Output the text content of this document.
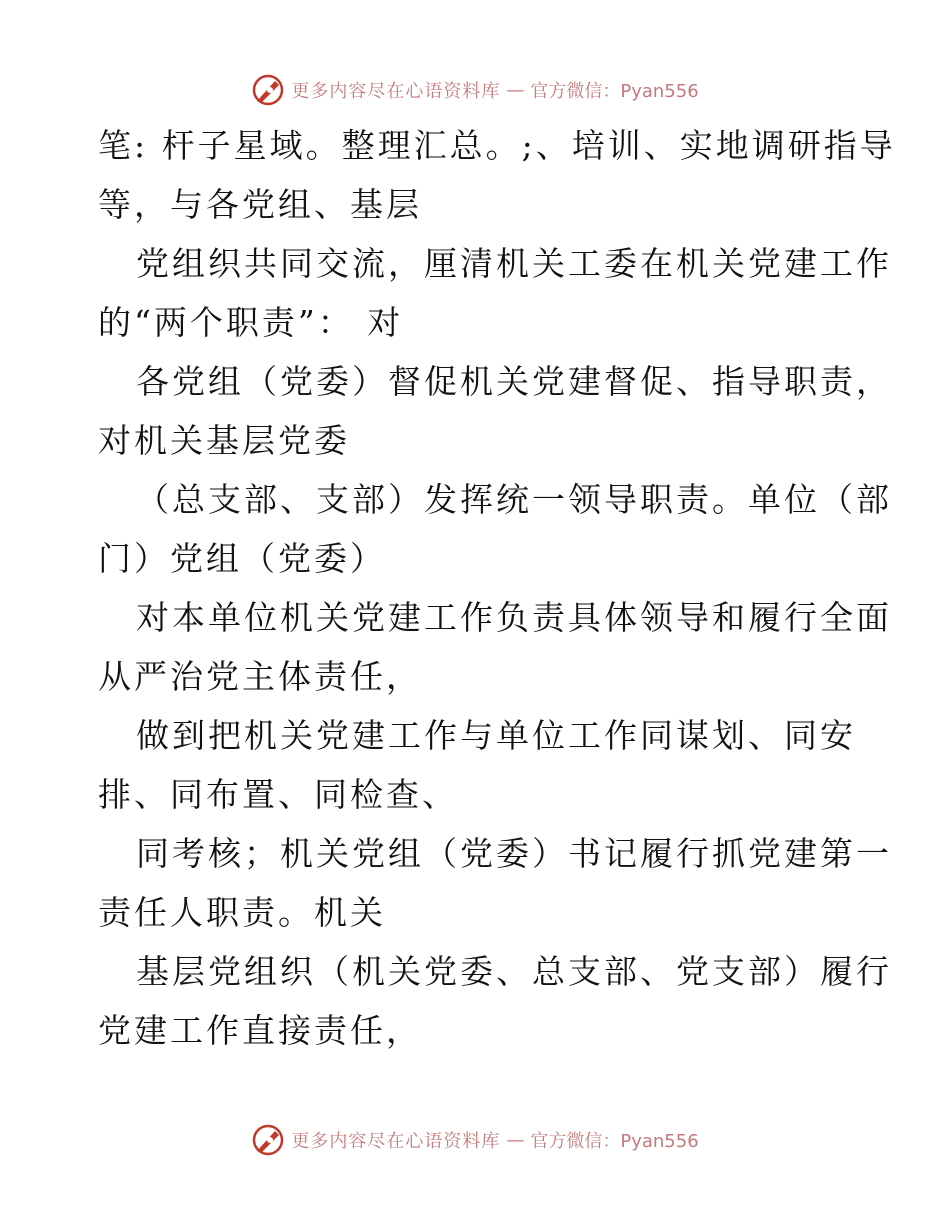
更多内容尽在心语资料库 — 官方微信：Pyan556
笔: 杆子星域。整理汇总。;、培训、实地调研指导
等，与各党组、基层
党组织共同交流，厘清机关工委在机关党建工作
的“两个职责”： 对
各党组（党委）督促机关党建督促、指导职责，
对机关基层党委
（总支部、支部）发挥统一领导职责。单位（部
门）党组（党委）
对本单位机关党建工作负责具体领导和履行全面
从严治党主体责任，
做到把机关党建工作与单位工作同谋划、同安
排、同布置、同检查、
同考核；机关党组（党委）书记履行抓党建第一
责任人职责。机关
基层党组织（机关党委、总支部、党支部）履行
党建工作直接责任，
更多内容尽在心语资料库 — 官方微信：Pyan556
